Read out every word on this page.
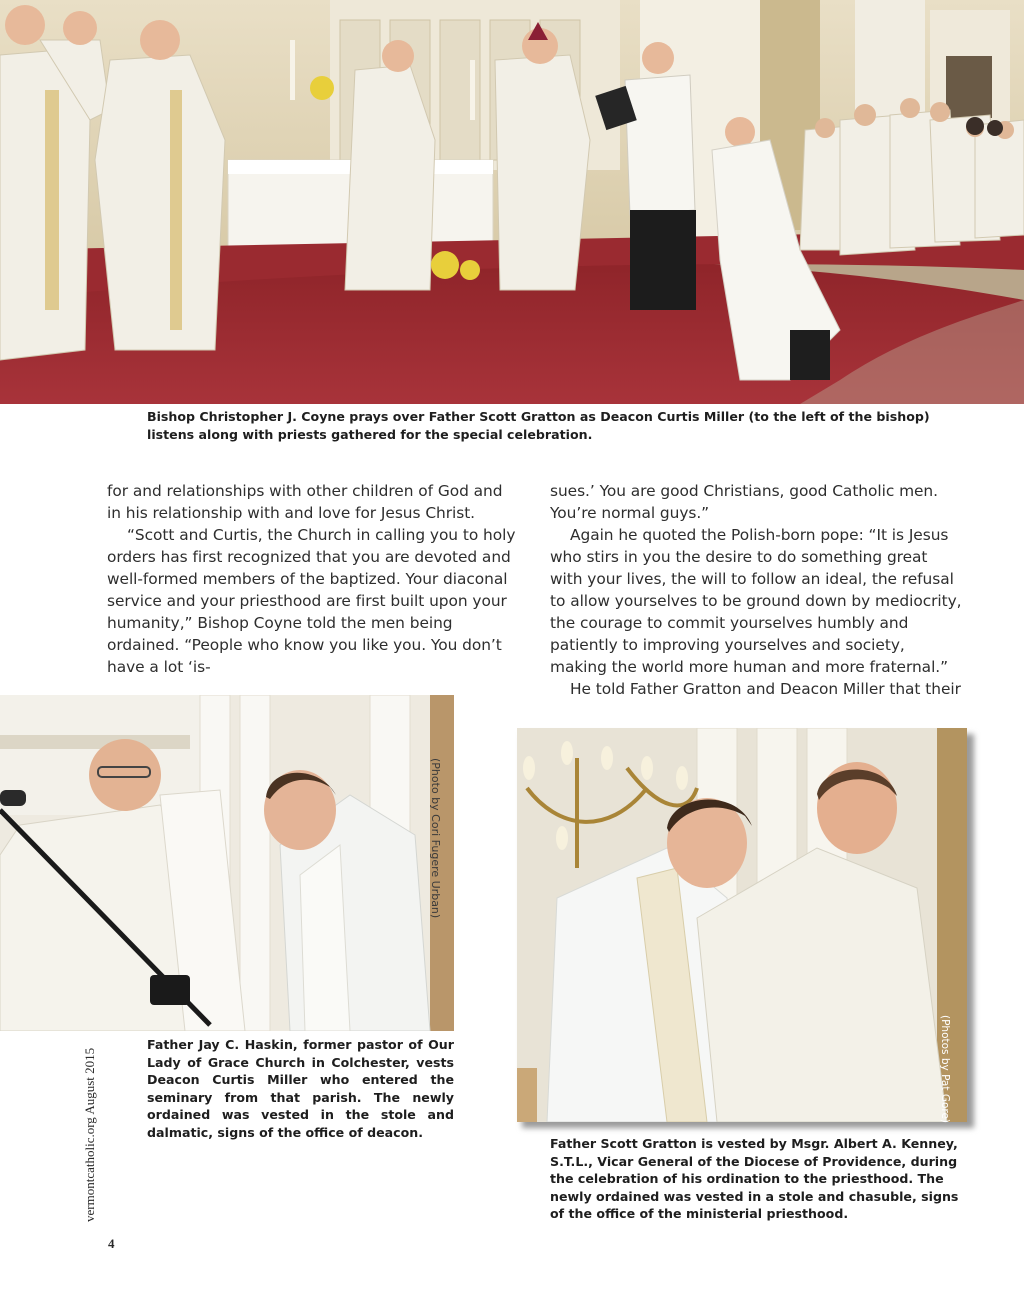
Bishop Christopher J. Coyne prays over Father Scott Gratton as Deacon Curtis Miller (to the left of the bishop) listens along with priests gathered for the special celebration.

for and relationships with other children of God and in his relationship with and love for Jesus Christ.

“Scott and Curtis, the Church in calling you to holy orders has first recognized that you are devoted and well-formed members of the baptized. Your diaconal service and your priesthood are first built upon your humanity,” Bishop Coyne told the men being ordained. “People who know you like you. You don’t have a lot ‘is-

sues.’ You are good Christians, good Catholic men. You’re normal guys.”

Again he quoted the Polish-born pope: “It is Jesus who stirs in you the desire to do something great with your lives, the will to follow an ideal, the refusal to allow yourselves to be ground down by mediocrity, the courage to commit yourselves humbly and patiently to improving yourselves and society, making the world more human and more fraternal.”

He told Father Gratton and Deacon Miller that their

(Photo by Cori Fugere Urban)

Father Jay C. Haskin, former pastor of Our Lady of Grace Church in Colchester, vests Deacon Curtis Miller who entered the seminary from that parish. The newly ordained was vested in the stole and dalmatic, signs of the office of deacon.

(Photos by Pat Gore)

Father Scott Gratton is vested by Msgr. Albert A. Kenney, S.T.L., Vicar General of the Diocese of Providence, during the celebration of his ordination to the priesthood. The newly ordained was vested in a stole and chasuble, signs of the office of the ministerial priesthood.

vermontcatholic.org August 2015
4
